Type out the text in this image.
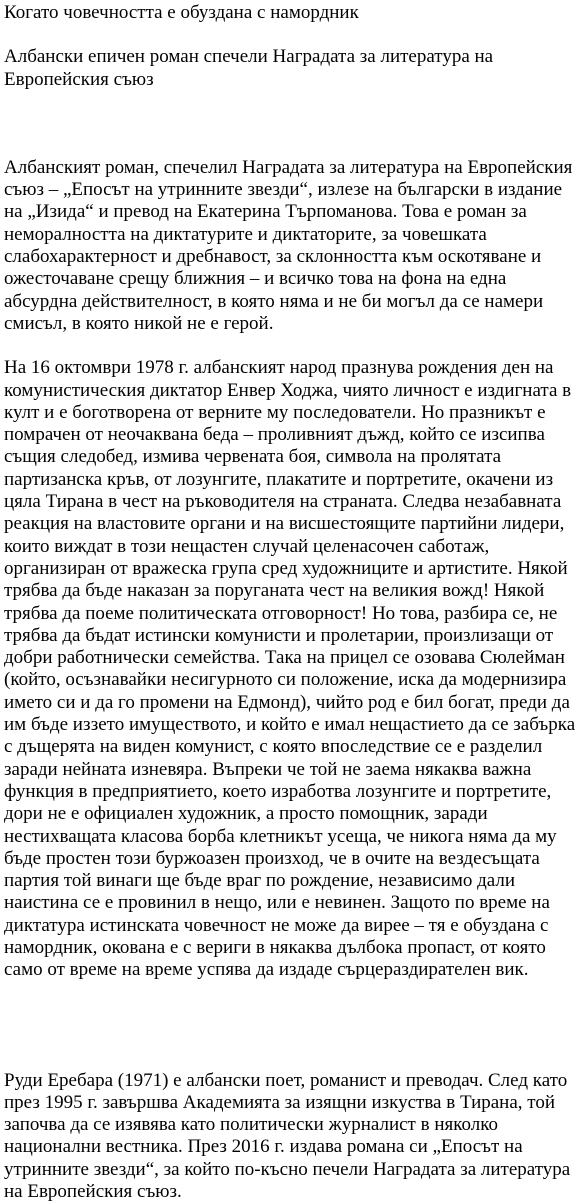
Когато човечността е обуздана с намордник

Албански епичен роман спечели Наградата за литература на Европейския съюз

Албанският роман, спечелил Наградата за литература на Европейския съюз – „Епосът на утринните звезди“, излезе на български в издание на „Изида“ и превод на Екатерина Търпоманова. Това е роман за неморалността на диктатурите и диктаторите, за човешката слабохарактерност и дребнавост, за склонността към оскотяване и ожесточаване срещу ближния – и всичко това на фона на една абсурдна действителност, в която няма и не би могъл да се намери смисъл, в която никой не е герой.

На 16 октомври 1978 г. албанският народ празнува рождения ден на комунистическия диктатор Енвер Ходжа, чиято личност е издигната в култ и е боготворена от верните му последователи. Но празникът е помрачен от неочаквана беда – проливният дъжд, който се изсипва същия следобед, измива червената боя, символа на пролятата партизанска кръв, от лозунгите, плакатите и портретите, окачени из цяла Тирана в чест на ръководителя на страната. Следва незабавната реакция на властовите органи и на висшестоящите партийни лидери, които виждат в този нещастен случай целенасочен саботаж, организиран от вражеска група сред художниците и артистите. Някой трябва да бъде наказан за поруганата чест на великия вожд! Някой трябва да поеме политическата отговорност! Но това, разбира се, не трябва да бъдат истински комунисти и пролетарии, произлизащи от добри работнически семейства. Така на прицел се озовава Сюлейман (който, осъзнавайки несигурното си положение, иска да модернизира името си и да го промени на Едмонд), чийто род е бил богат, преди да им бъде иззето имуществото, и който е имал нещастието да се забърка с дъщерята на виден комунист, с която впоследствие се е разделил заради нейната изневяра. Въпреки че той не заема някаква важна функция в предприятието, което изработва лозунгите и портретите, дори не е официален художник, а просто помощник, заради нестихващата класова борба клетникът усеща, че никога няма да му бъде простен този буржоазен произход, че в очите на вездесъщата партия той винаги ще бъде враг по рождение, независимо дали наистина се е провинил в нещо, или е невинен. Защото по време на диктатура истинската човечност не може да вирее – тя е обуздана с намордник, окована е с вериги в някаква дълбока пропаст, от която само от време на време успява да издаде сърцераздирателен вик.

Руди Еребара (1971) е албански поет, романист и преводач. След като през 1995 г. завършва Академията за изящни изкуства в Тирана, той започва да се изявява като политически журналист в няколко национални вестника. През 2016 г. издава романа си „Епосът на утринните звезди“, за който по-късно печели Наградата за литература на Европейския съюз.
